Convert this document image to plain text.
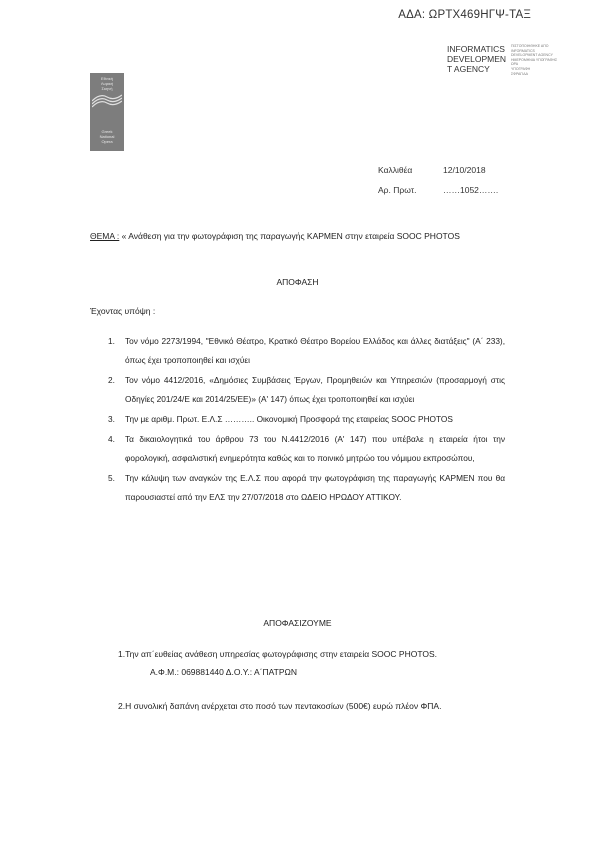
ΑΔΑ: ΩΡΤΧ469ΗΓΨ-ΤΑΞ
INFORMATICS
DEVELOPMEN
T AGENCY
ΠΙΣΤΟΠΟΙΗΘΗΚΕ ΑΠΟ
INFORMATICS
DEVELOPMENT AGENCY
ΗΜΕΡΟΜΗΝΙΑ ΥΠΟΓΡΑΦΗΣ
ΩΡΑ
ΥΠΟΓΡΑΦΗ
ΣΦΡΑΓΙΔΑ
Εθνική
Λυρική
Σκηνή
Greek
National
Opera
Καλλιθέα	12/10/2018
Αρ. Πρωτ.	……1052…….
ΘΕΜΑ : « Ανάθεση για την φωτογράφιση της παραγωγής ΚΑΡΜΕΝ στην εταιρεία SOOC PHOTOS
ΑΠΟΦΑΣΗ
Έχοντας υπόψη :
1. Τον νόμο 2273/1994, "Εθνικό Θέατρο, Κρατικό Θέατρο Βορείου Ελλάδος και άλλες διατάξεις" (Α΄ 233), όπως έχει τροποποιηθεί και ισχύει
2. Τον νόμο 4412/2016, «Δημόσιες Συμβάσεις Έργων, Προμηθειών και Υπηρεσιών (προσαρμογή στις Οδηγίες 201/24/Ε και 2014/25/ΕΕ)» (Α' 147) όπως έχει τροποποιηθεί και ισχύει
3. Την με αριθμ. Πρωτ. Ε.Λ.Σ ……….. Οικονομική Προσφορά της εταιρείας SOOC PHOTOS
4. Τα δικαιολογητικά του άρθρου 73 του Ν.4412/2016 (Α' 147) που υπέβαλε η εταιρεία ήτοι την φορολογική, ασφαλιστική ενημερότητα καθώς και το ποινικό μητρώο του νόμιμου εκπροσώπου,
5. Την κάλυψη των αναγκών της Ε.Λ.Σ που αφορά την φωτογράφιση της παραγωγής ΚΑΡΜΕΝ που θα παρουσιαστεί από την ΕΛΣ την 27/07/2018 στο ΩΔΕΙΟ ΗΡΩΔΟΥ ΑΤΤΙΚΟΥ.
ΑΠΟΦΑΣΙΖΟΥΜΕ
1.Την απ΄ευθείας ανάθεση υπηρεσίας φωτογράφισης στην εταιρεία SOOC PHOTOS.
Α.Φ.Μ.: 069881440 Δ.Ο.Υ.: Α΄ΠΑΤΡΩΝ
2.Η συνολική δαπάνη ανέρχεται στο ποσό των πεντακοσίων (500€) ευρώ πλέον ΦΠΑ.
